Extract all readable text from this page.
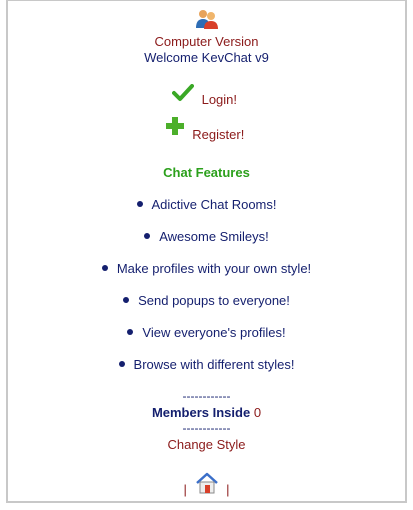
Computer Version
Welcome KevChat v9
Login!
Register!
Chat Features
Adictive Chat Rooms!
Awesome Smileys!
Make profiles with your own style!
Send popups to everyone!
View everyone's profiles!
Browse with different styles!
------------
Members Inside 0
------------
Change Style
|	|
